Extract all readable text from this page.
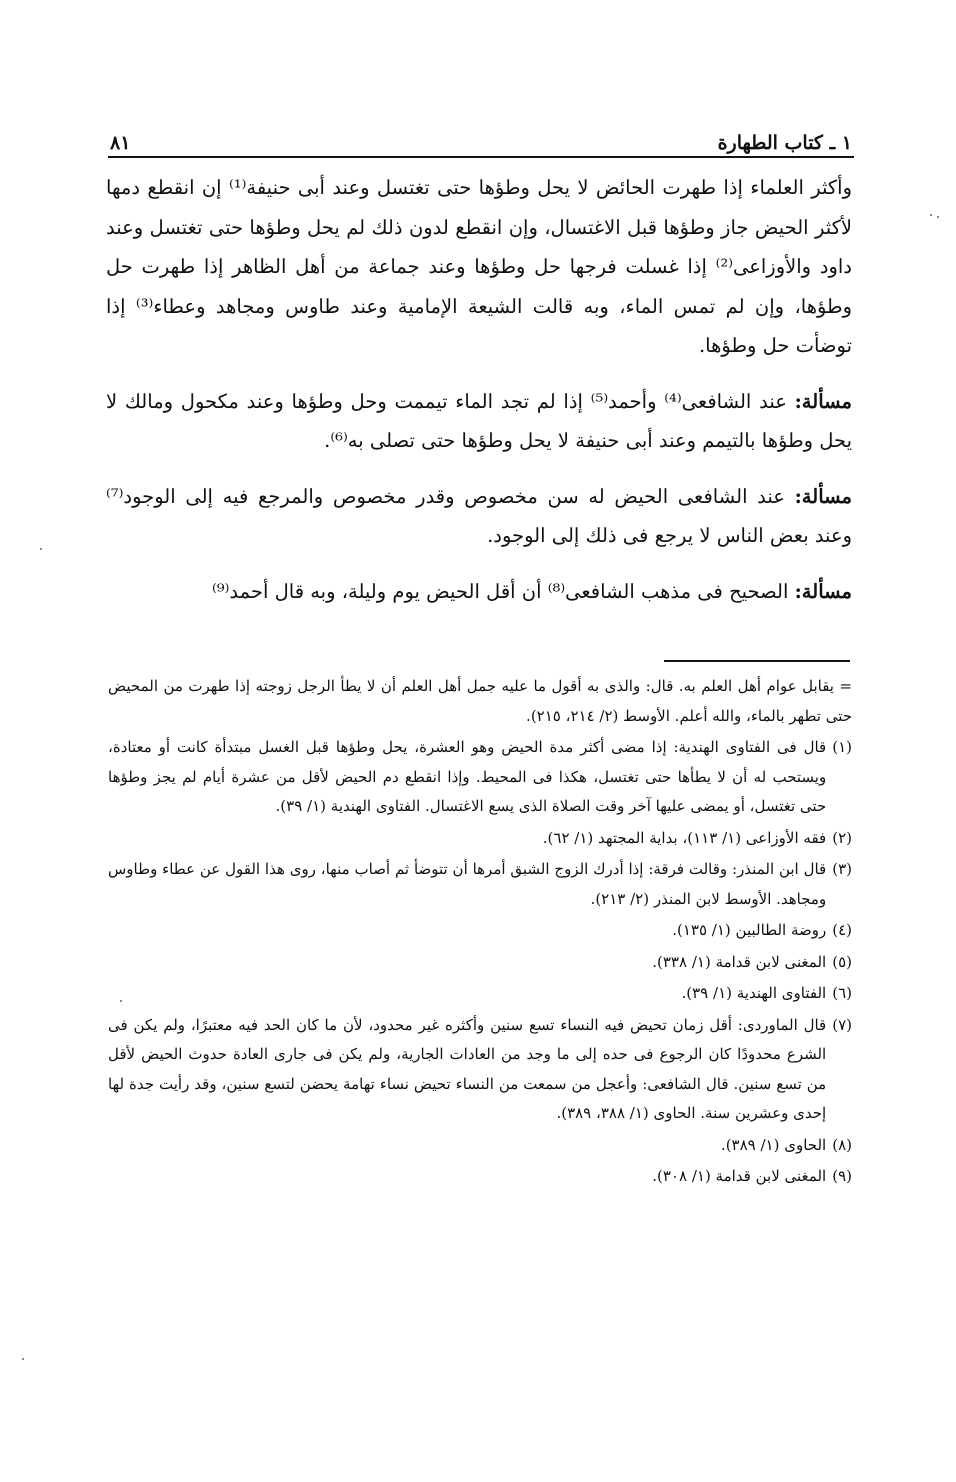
١ ـ كتاب الطهارة
٨١

وأكثر العلماء إذا طهرت الحائض لا يحل وطؤها حتى تغتسل وعند أبى حنيفة⁽¹⁾ إن انقطع دمها لأكثر الحيض جاز وطؤها قبل الاغتسال، وإن انقطع لدون ذلك لم يحل وطؤها حتى تغتسل وعند داود والأوزاعى⁽²⁾ إذا غسلت فرجها حل وطؤها وعند جماعة من أهل الظاهر إذا طهرت حل وطؤها، وإن لم تمس الماء، وبه قالت الشيعة الإمامية وعند طاوس ومجاهد وعطاء⁽³⁾ إذا توضأت حل وطؤها.

مسألة: عند الشافعى⁽⁴⁾ وأحمد⁽⁵⁾ إذا لم تجد الماء تيممت وحل وطؤها وعند مكحول ومالك لا يحل وطؤها بالتيمم وعند أبى حنيفة لا يحل وطؤها حتى تصلى به⁽⁶⁾.

مسألة: عند الشافعى الحيض له سن مخصوص وقدر مخصوص والمرجع فيه إلى الوجود⁽⁷⁾ وعند بعض الناس لا يرجع فى ذلك إلى الوجود.

مسألة: الصحيح فى مذهب الشافعى⁽⁸⁾ أن أقل الحيض يوم وليلة، وبه قال أحمد⁽⁹⁾

= يقابل عوام أهل العلم به. قال: والذى به أقول ما عليه جمل أهل العلم أن لا يطأ الرجل زوجته إذا طهرت من المحيض حتى تطهر بالماء، والله أعلم. الأوسط (٢/ ٢١٤، ٢١٥).
(١)
قال فى الفتاوى الهندية: إذا مضى أكثر مدة الحيض وهو العشرة، يحل وطؤها قبل الغسل مبتدأة كانت أو معتادة، ويستحب له أن لا يطأها حتى تغتسل، هكذا فى المحيط. وإذا انقطع دم الحيض لأقل من عشرة أيام لم يجز وطؤها حتى تغتسل، أو يمضى عليها آخر وقت الصلاة الذى يسع الاغتسال. الفتاوى الهندية (١/ ٣٩).
(٢)
فقه الأوزاعى (١/ ١١٣)، بداية المجتهد (١/ ٦٢).
(٣)
قال ابن المنذر: وقالت فرقة: إذا أدرك الزوج الشبق أمرها أن تتوضأ ثم أصاب منها، روى هذا القول عن عطاء وطاوس ومجاهد. الأوسط لابن المنذر (٢/ ٢١٣).
(٤)
روضة الطالبين (١/ ١٣٥).
(٥)
المغنى لابن قدامة (١/ ٣٣٨).
(٦)
الفتاوى الهندية (١/ ٣٩).
(٧)
قال الماوردى: أقل زمان تحيض فيه النساء تسع سنين وأكثره غير محدود، لأن ما كان الحد فيه معتبرًا، ولم يكن فى الشرع محدودًا كان الرجوع فى حده إلى ما وجد من العادات الجارية، ولم يكن فى جارى العادة حدوث الحيض لأقل من تسع سنين. قال الشافعى: وأعجل من سمعت من النساء تحيض نساء تهامة يحضن لتسع سنين، وقد رأيت جدة لها إحدى وعشرين سنة. الحاوى (١/ ٣٨٨، ٣٨٩).
(٨)
الحاوى (١/ ٣٨٩).
(٩)
المغنى لابن قدامة (١/ ٣٠٨).
